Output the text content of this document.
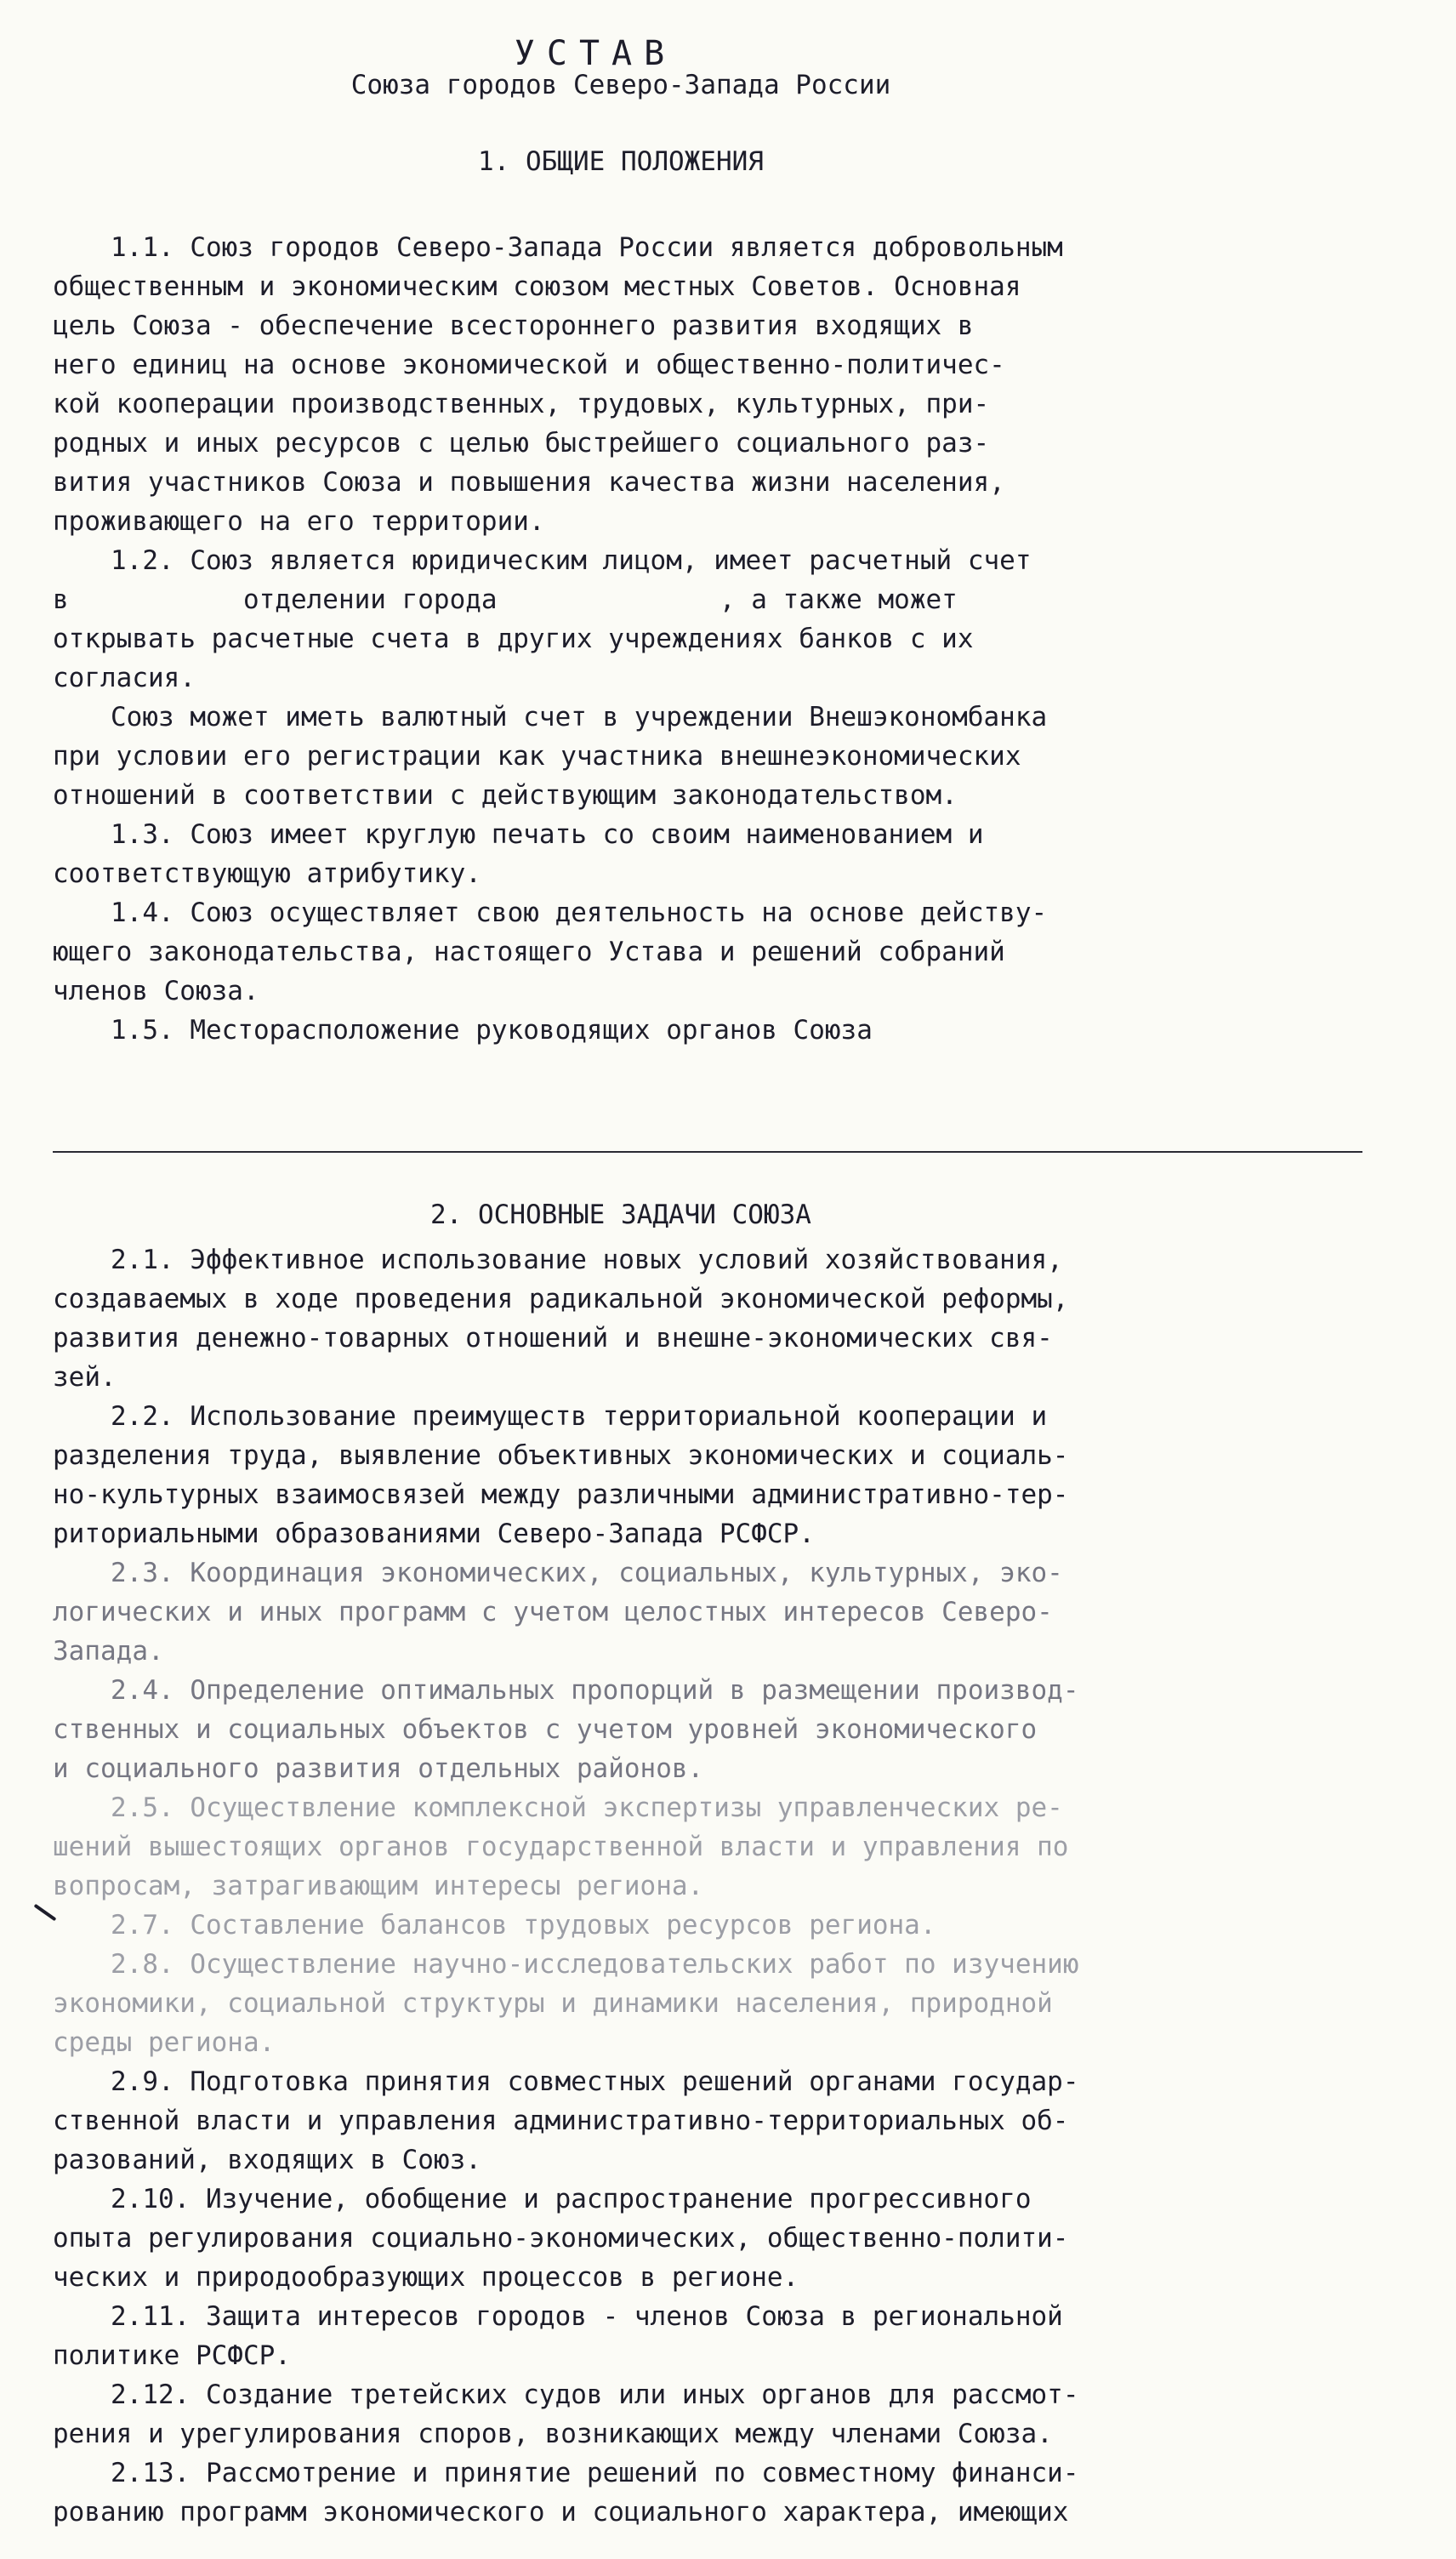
УСТАВ
Союза городов Северо-Запада России
1. ОБЩИЕ ПОЛОЖЕНИЯ
1.1. Союз городов Северо-Запада России является добровольным
общественным и экономическим союзом местных Советов. Основная
цель Союза - обеспечение всестороннего развития входящих в
него единиц на основе экономической и общественно-политичес-
кой кооперации производственных, трудовых, культурных, при-
родных и иных ресурсов с целью быстрейшего социального раз-
вития участников Союза и повышения качества жизни населения,
проживающего на его территории.
1.2. Союз является юридическим лицом, имеет расчетный счет
в           отделении города              , а также может
открывать расчетные счета в других учреждениях банков с их
согласия.
Союз может иметь валютный счет в учреждении Внешэкономбанка
при условии его регистрации как участника внешнеэкономических
отношений в соответствии с действующим законодательством.
1.3. Союз имеет круглую печать со своим наименованием и
соответствующую атрибутику.
1.4. Союз осуществляет свою деятельность на основе действу-
ющего законодательства, настоящего Устава и решений собраний
членов Союза.
1.5. Месторасположение руководящих органов Союза
2. ОСНОВНЫЕ ЗАДАЧИ СОЮЗА
2.1. Эффективное использование новых условий хозяйствования,
создаваемых в ходе проведения радикальной экономической реформы,
развития денежно-товарных отношений и внешне-экономических свя-
зей.
2.2. Использование преимуществ территориальной кооперации и
разделения труда, выявление объективных экономических и социаль-
но-культурных взаимосвязей между различными административно-тер-
риториальными образованиями Северо-Запада РСФСР.
2.3. Координация экономических, социальных, культурных, эко-
логических и иных программ с учетом целостных интересов Северо-
Запада.
2.4. Определение оптимальных пропорций в размещении производ-
ственных и социальных объектов с учетом уровней экономического
и социального развития отдельных районов.
2.5. Осуществление комплексной экспертизы управленческих ре-
шений вышестоящих органов государственной власти и управления по
вопросам, затрагивающим интересы региона.
2.7. Составление балансов трудовых ресурсов региона.
2.8. Осуществление научно-исследовательских работ по изучению
экономики, социальной структуры и динамики населения, природной
среды региона.
2.9. Подготовка принятия совместных решений органами государ-
ственной власти и управления административно-территориальных об-
разований, входящих в Союз.
2.10. Изучение, обобщение и распространение прогрессивного
опыта регулирования социально-экономических, общественно-полити-
ческих и природообразующих процессов в регионе.
2.11. Защита интересов городов - членов Союза в региональной
политике РСФСР.
2.12. Создание третейских судов или иных органов для рассмот-
рения и урегулирования споров, возникающих между членами Союза.
2.13. Рассмотрение и принятие решений по совместному финанси-
рованию программ экономического и социального характера, имеющих
